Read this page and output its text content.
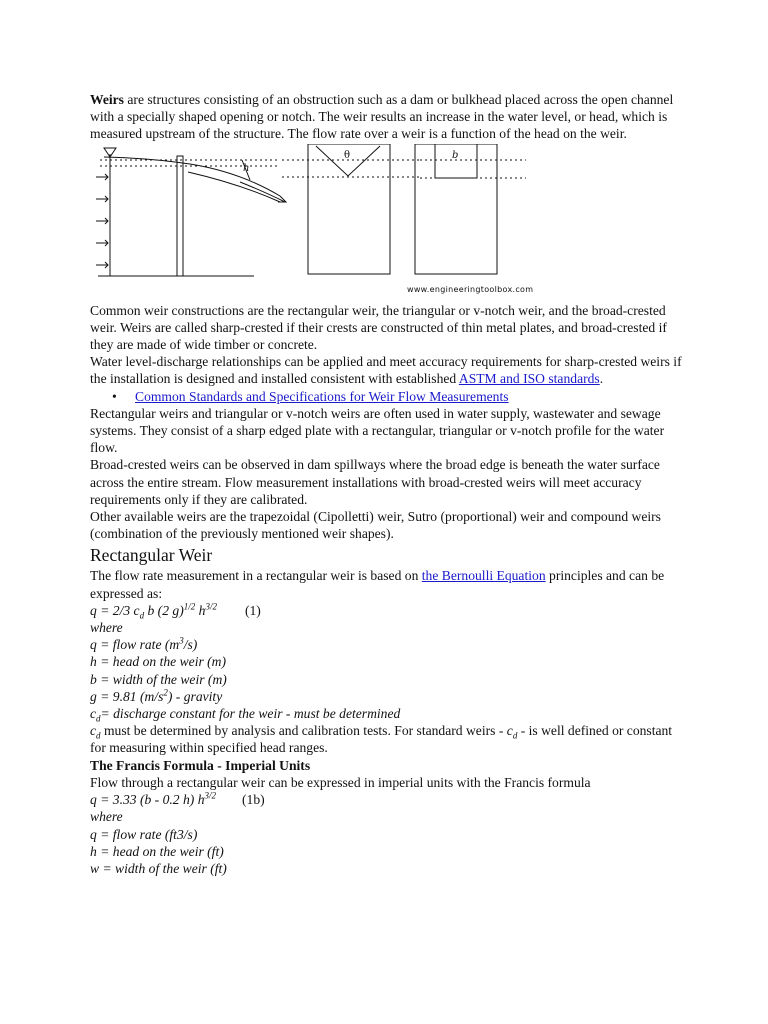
Weirs are structures consisting of an obstruction such as a dam or bulkhead placed across the open channel with a specially shaped opening or notch. The weir results an increase in the water level, or head, which is measured upstream of the structure. The flow rate over a weir is a function of the head on the weir.

h
θ	b
www.engineeringtoolbox.com

Common weir constructions are the rectangular weir, the triangular or v-notch weir, and the broad-crested weir. Weirs are called sharp-crested if their crests are constructed of thin metal plates, and broad-crested if they are made of wide timber or concrete.

Water level-discharge relationships can be applied and meet accuracy requirements for sharp-crested weirs if the installation is designed and installed consistent with established ASTM and ISO standards.

• Common Standards and Specifications for Weir Flow Measurements

Rectangular weirs and triangular or v-notch weirs are often used in water supply, wastewater and sewage systems. They consist of a sharp edged plate with a rectangular, triangular or v-notch profile for the water flow.

Broad-crested weirs can be observed in dam spillways where the broad edge is beneath the water surface across the entire stream. Flow measurement installations with broad-crested weirs will meet accuracy requirements only if they are calibrated.

Other available weirs are the trapezoidal (Cipolletti) weir, Sutro (proportional) weir and compound weirs (combination of the previously mentioned weir shapes).

Rectangular Weir

The flow rate measurement in a rectangular weir is based on the Bernoulli Equation principles and can be expressed as:

q = 2/3 $c_d$ b (2 g)$^{1/2}$ $h^{3/2}$ (1)

where

q = flow rate $(m^3/s)$

h = head on the weir (m)

b = width of the weir (m)

g = 9.81 $(m/s^2)$ - gravity

$c_d=$ discharge constant for the weir - must be determined

$c_d$ must be determined by analysis and calibration tests. For standard weirs - $c_d$ - is well defined or constant for measuring within specified head ranges.

The Francis Formula - Imperial Units

Flow through a rectangular weir can be expressed in imperial units with the Francis formula

q = 3.33 (b - 0.2 h) $h^{3/2}$ (1b)

where

q = flow rate (ft3/s)

h = head on the weir (ft)

w = width of the weir (ft)
